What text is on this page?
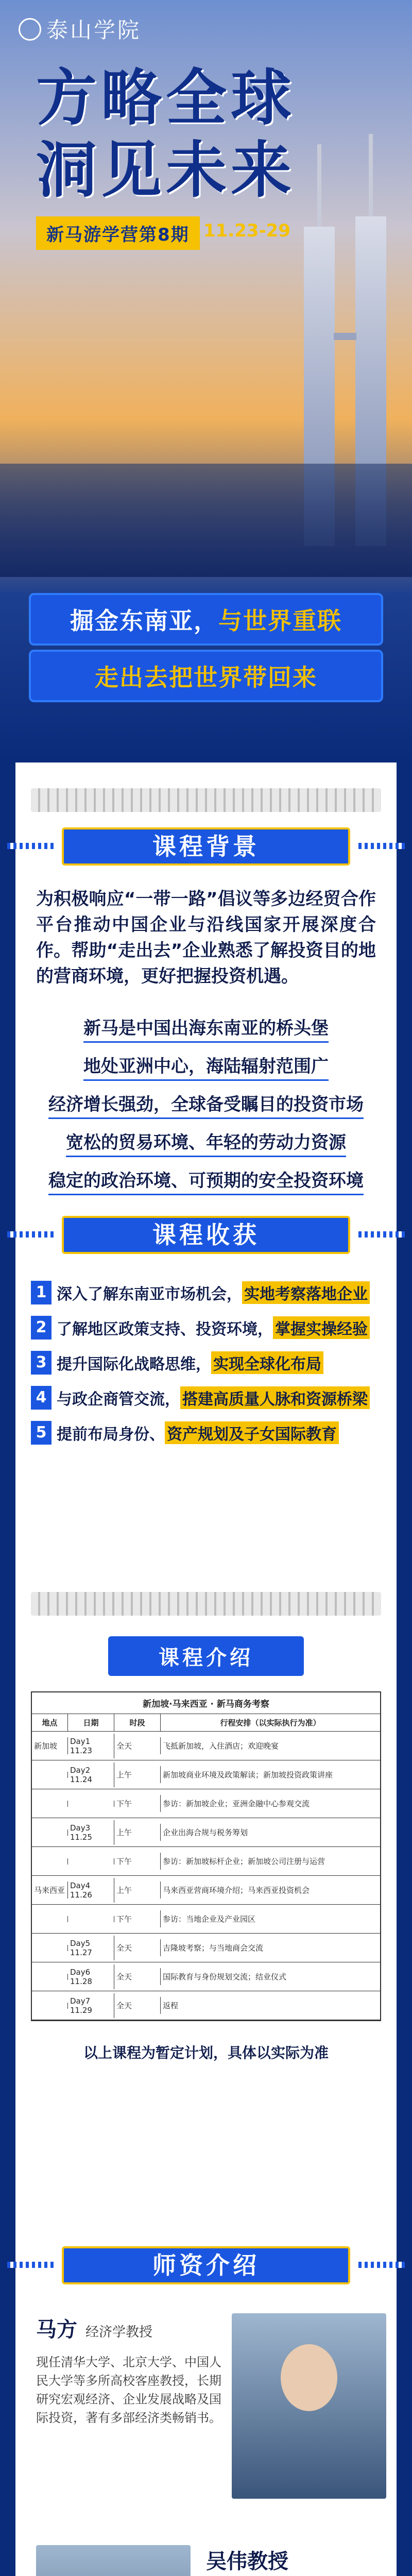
泰山学院
方略全球
洞见未来
新马游学营第8期 11.23-29
掘金东南亚，与世界重联
走出去把世界带回来
课程背景
为积极响应“一带一路”倡议等多边经贸合作平台推动中国企业与沿线国家开展深度合作。帮助“走出去”企业熟悉了解投资目的地的营商环境，更好把握投资机遇。
新马是中国出海东南亚的桥头堡
地处亚洲中心，海陆辐射范围广
经济增长强劲，全球备受瞩目的投资市场
宽松的贸易环境、年轻的劳动力资源
稳定的政治环境、可预期的安全投资环境
课程收获
1 深入了解东南亚市场机会， 实地考察落地企业
2 了解地区政策支持、投资环境， 掌握实操经验
3 提升国际化战略思维， 实现全球化布局
4 与政企商管交流， 搭建高质量人脉和资源桥梁
5 提前布局身份、 资产规划及子女国际教育
课程介绍
新加坡·马来西亚 · 新马商务考察
地点	日期	时段	行程安排（以实际执行为准）
新加坡
Day1 11.23	全天	飞抵新加坡，入住酒店；欢迎晚宴
Day2 11.24	上午	新加坡商业环境及政策解读；新加坡投资政策讲座
下午	参访：新加坡企业；亚洲金融中心参观交流
Day3 11.25	上午	企业出海合规与税务筹划
下午	参访：新加坡标杆企业；新加坡公司注册与运营
马来西亚
Day4 11.26	上午	马来西亚营商环境介绍；马来西亚投资机会
下午	参访：当地企业及产业园区
Day5 11.27	全天	吉隆坡考察；与当地商会交流
Day6 11.28	全天	国际教育与身份规划交流；结业仪式
Day7 11.29	全天	返程
以上课程为暂定计划，具体以实际为准
师资介绍
马方 经济学教授
现任清华大学、北京大学、中国人民大学等多所高校客座教授，长期研究宏观经济、企业发展战略及国际投资，著有多部经济类畅销书。
吴伟教授
